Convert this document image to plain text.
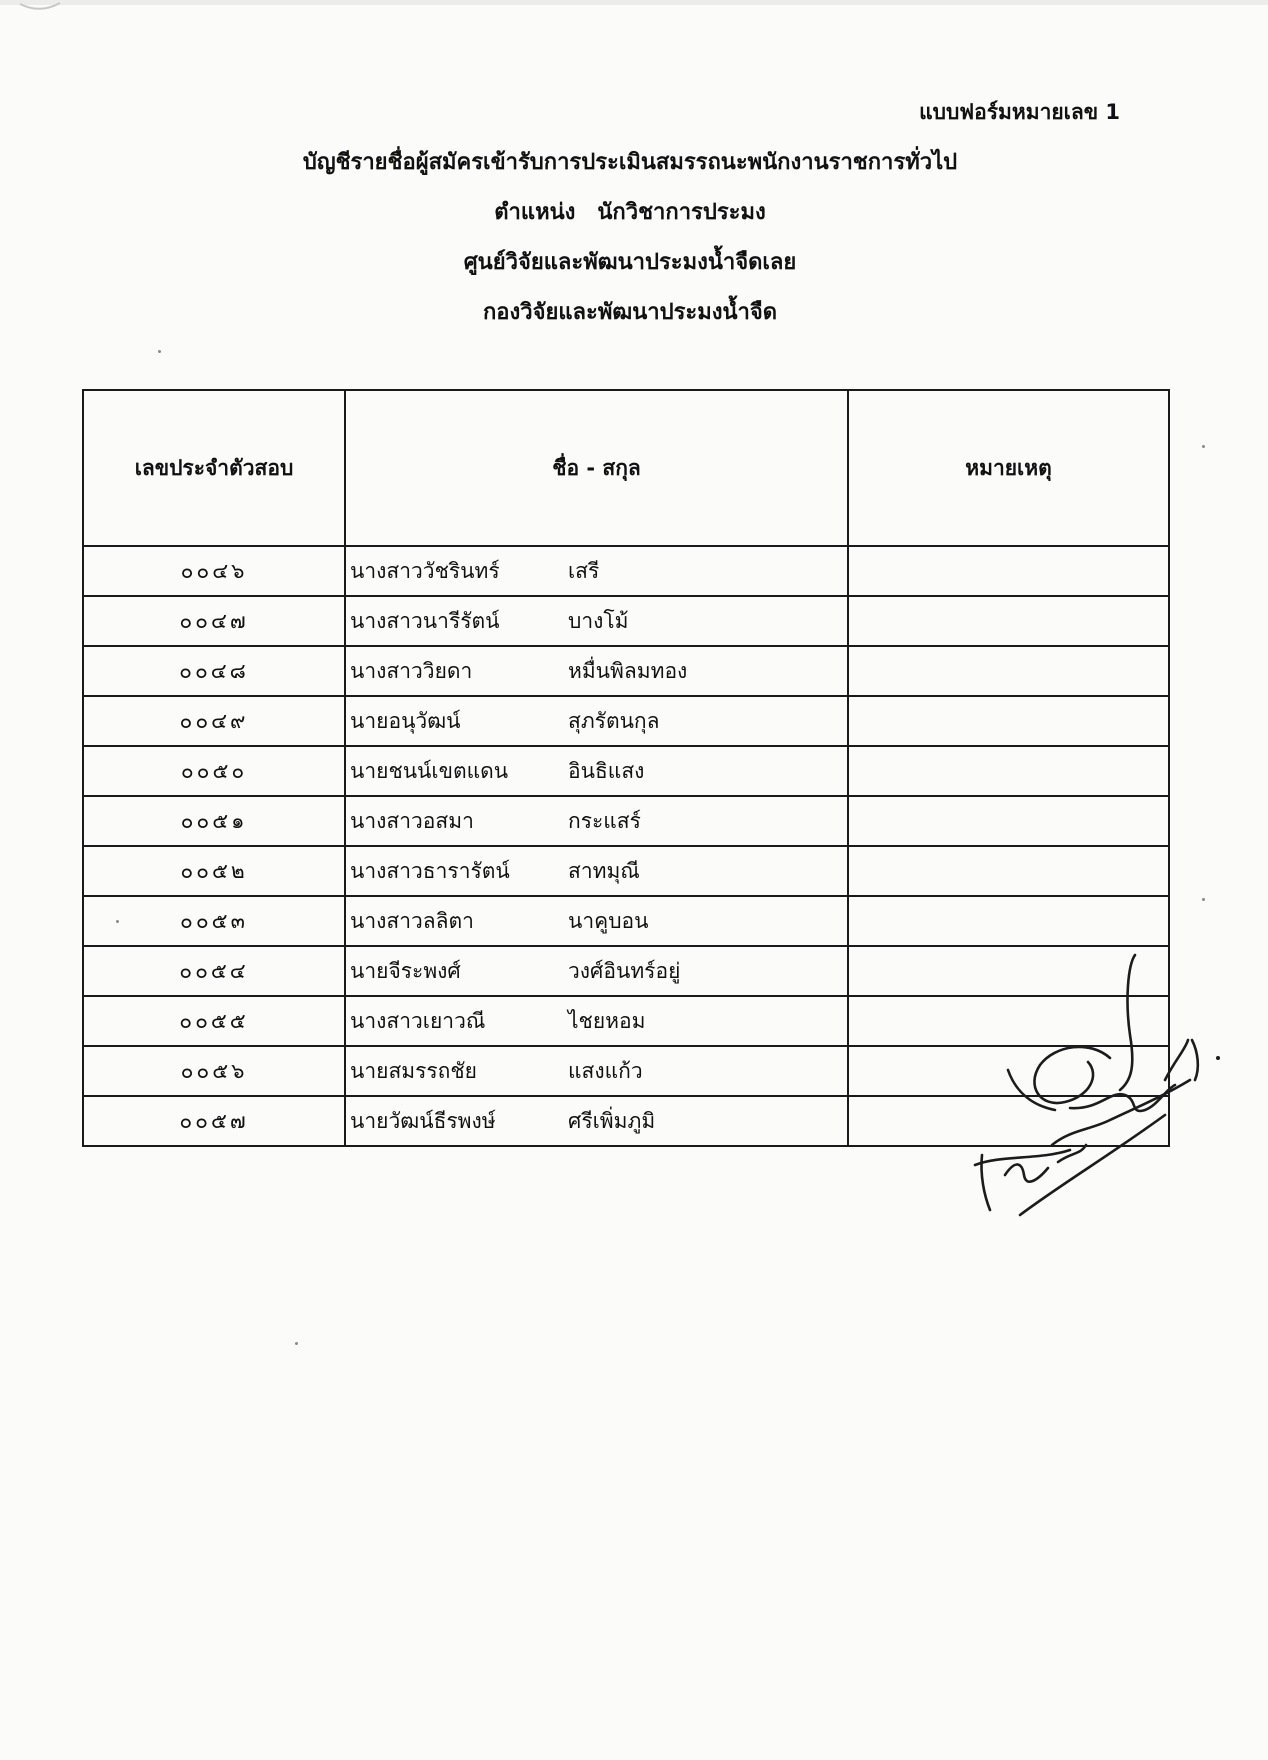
แบบฟอร์มหมายเลข 1
บัญชีรายชื่อผู้สมัครเข้ารับการประเมินสมรรถนะพนักงานราชการทั่วไป
ตำแหน่ง นักวิชาการประมง
ศูนย์วิจัยและพัฒนาประมงน้ำจืดเลย
กองวิจัยและพัฒนาประมงน้ำจืด
เลขประจำตัวสอบ	ชื่อ - สกุล	หมายเหตุ
๐๐๔๖	นางสาววัชรินทร์ เสรี	
๐๐๔๗	นางสาวนารีรัตน์ บางโม้	
๐๐๔๘	นางสาววิยดา หมื่นพิลมทอง	
๐๐๔๙	นายอนุวัฒน์ สุภรัตนกุล	
๐๐๕๐	นายชนน์เขตแดน อินธิแสง	
๐๐๕๑	นางสาวอสมา กระแสร์	
๐๐๕๒	นางสาวธารารัตน์ สาทมุณี	
๐๐๕๓	นางสาวลลิตา นาคูบอน	
๐๐๕๔	นายจีระพงศ์ วงศ์อินทร์อยู่	
๐๐๕๕	นางสาวเยาวณี ไชยหอม	
๐๐๕๖	นายสมรรถชัย แสงแก้ว	
๐๐๕๗	นายวัฒน์ธีรพงษ์ ศรีเพิ่มภูมิ	
